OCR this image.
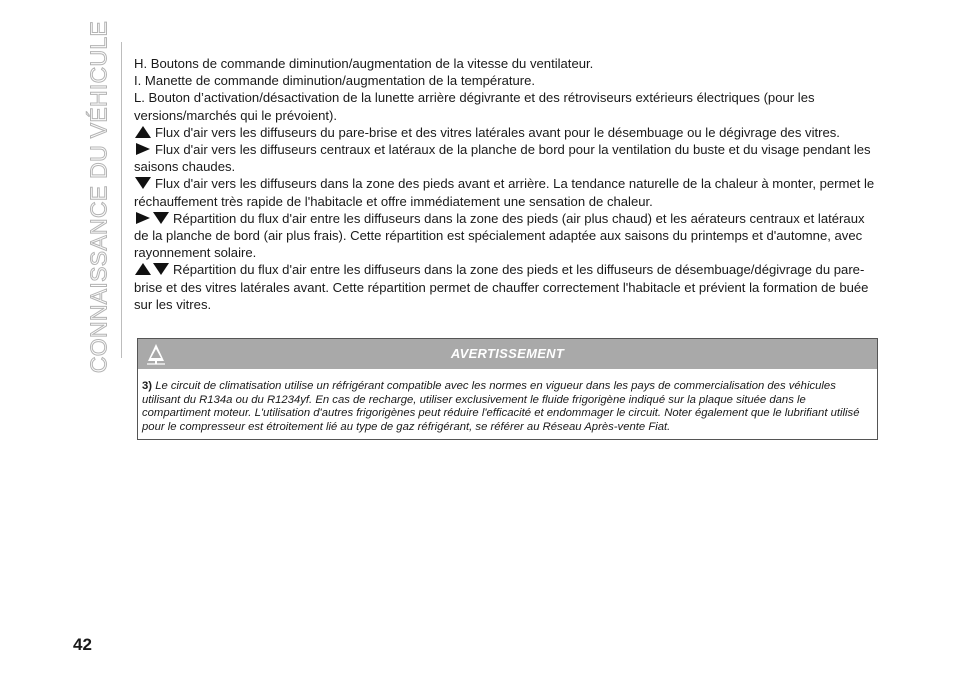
CONNAISSANCE DU VÉHICULE H. Boutons de commande diminution/augmentation de la vitesse du ventilateur.

I. Manette de commande diminution/augmentation de la température.

L. Bouton d’activation/désactivation de la lunette arrière dégivrante et des rétroviseurs extérieurs électriques (pour les versions/marchés qui le prévoient).

Flux d'air vers les diffuseurs du pare-brise et des vitres latérales avant pour le désembuage ou le dégivrage des vitres.

Flux d'air vers les diffuseurs centraux et latéraux de la planche de bord pour la ventilation du buste et du visage pendant les saisons chaudes.

Flux d'air vers les diffuseurs dans la zone des pieds avant et arrière. La tendance naturelle de la chaleur à monter, permet le réchauffement très rapide de l'habitacle et offre immédiatement une sensation de chaleur.

Répartition du flux d'air entre les diffuseurs dans la zone des pieds (air plus chaud) et les aérateurs centraux et latéraux de la planche de bord (air plus frais). Cette répartition est spécialement adaptée aux saisons du printemps et d'automne, avec rayonnement solaire.

Répartition du flux d'air entre les diffuseurs dans la zone des pieds et les diffuseurs de désembuage/dégivrage du pare-brise et des vitres latérales avant. Cette répartition permet de chauffer correctement l'habitacle et prévient la formation de buée sur les vitres.

AVERTISSEMENT
3) Le circuit de climatisation utilise un réfrigérant compatible avec les normes en vigueur dans les pays de commercialisation des véhicules utilisant du R134a ou du R1234yf. En cas de recharge, utiliser exclusivement le fluide frigorigène indiqué sur la plaque située dans le compartiment moteur. L'utilisation d'autres frigorigènes peut réduire l'efficacité et endommager le circuit. Noter également que le lubrifiant utilisé pour le compresseur est étroitement lié au type de gaz réfrigérant, se référer au Réseau Après-vente Fiat.
42
